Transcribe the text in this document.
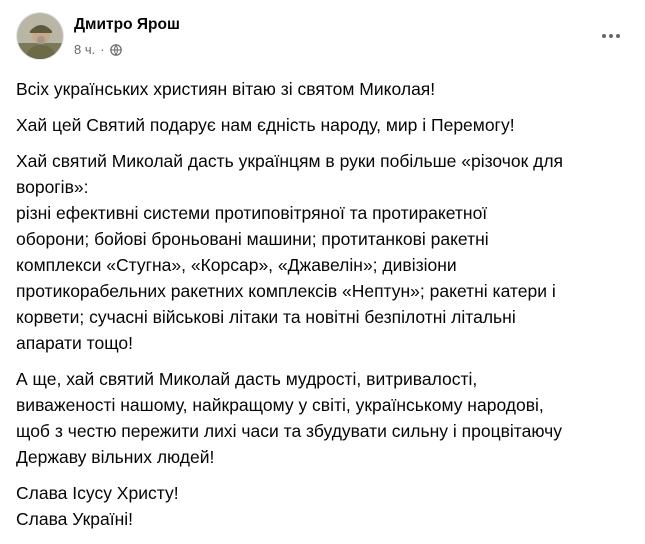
Дмитро Ярош
8 ч. ·

Всіх українських християн вітаю зі святом Миколая!

Хай цей Святий подарує нам єдність народу, мир і Перемогу!

Хай святий Миколай дасть українцям в руки побільше «різочок для
ворогів»:
різні ефективні системи протиповітряної та протиракетної
оборони; бойові броньовані машини; протитанкові ракетні
комплекси «Стугна», «Корсар», «Джавелін»; дивізіони
протикорабельних ракетних комплексів «Нептун»; ракетні катери і
корвети; сучасні військові літаки та новітні безпілотні літальні
апарати тощо!

А ще, хай святий Миколай дасть мудрості, витривалості,
виваженості нашому, найкращому у світі, українському народові,
щоб з честю пережити лихі часи та збудувати сильну і процвітаючу
Державу вільних людей!

Слава Ісусу Христу!
Слава Україні!
